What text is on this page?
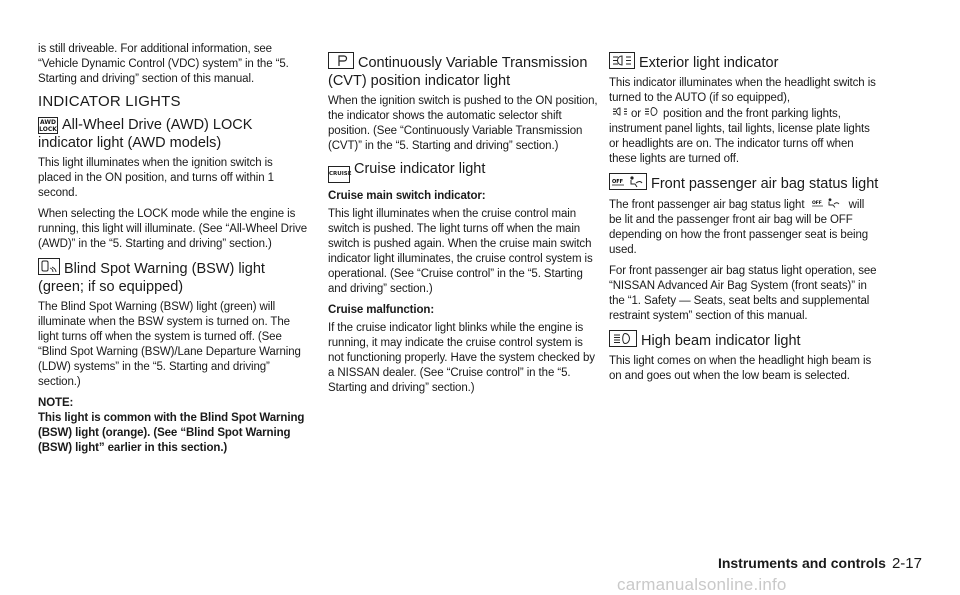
is still driveable. For additional information, see “Vehicle Dynamic Control (VDC) system” in the “5. Starting and driving” section of this manual.

INDICATOR LIGHTS
AWD
LOCK All-Wheel Drive (AWD) LOCK indicator light (AWD models)

This light illuminates when the ignition switch is placed in the ON position, and turns off within 1 second.

When selecting the LOCK mode while the engine is running, this light will illuminate. (See “All-Wheel Drive (AWD)” in the “5. Starting and driving” section.)

Blind Spot Warning (BSW) light (green; if so equipped)

The Blind Spot Warning (BSW) light (green) will illuminate when the BSW system is turned on. The light turns off when the system is turned off. (See “Blind Spot Warning (BSW)/Lane Departure Warning (LDW) systems” in the “5. Starting and driving” section.)

NOTE:

This light is common with the Blind Spot Warning (BSW) light (orange). (See “Blind Spot Warning (BSW) light” earlier in this section.)

Continuously Variable Transmission (CVT) position indicator light

When the ignition switch is pushed to the ON position, the indicator shows the automatic selector shift position. (See “Continuously Variable Transmission (CVT)” in the “5. Starting and driving” section.)

CRUISE Cruise indicator light

Cruise main switch indicator:

This light illuminates when the cruise control main switch is pushed. The light turns off when the main switch is pushed again. When the cruise main switch indicator light illuminates, the cruise control system is operational. (See “Cruise control” in the “5. Starting and driving” section.)

Cruise malfunction:

If the cruise indicator light blinks while the engine is running, it may indicate the cruise control system is not functioning properly. Have the system checked by a NISSAN dealer. (See “Cruise control” in the “5. Starting and driving” section.)

Exterior light indicator

This indicator illuminates when the headlight switch is turned to the AUTO (if so equipped),

or position and the front parking lights, instrument panel lights, tail lights, license plate lights or headlights are on. The indicator turns off when these lights are turned off.

OFF Front passenger air bag status light

The front passenger air bag status light OFF will be lit and the passenger front air bag will be OFF depending on how the front passenger seat is being used.

For front passenger air bag status light operation, see “NISSAN Advanced Air Bag System (front seats)” in the “1. Safety — Seats, seat belts and supplemental restraint system” section of this manual.

High beam indicator light

This light comes on when the headlight high beam is on and goes out when the low beam is selected.

Instruments and controls 2-17
carmanualsonline.info
